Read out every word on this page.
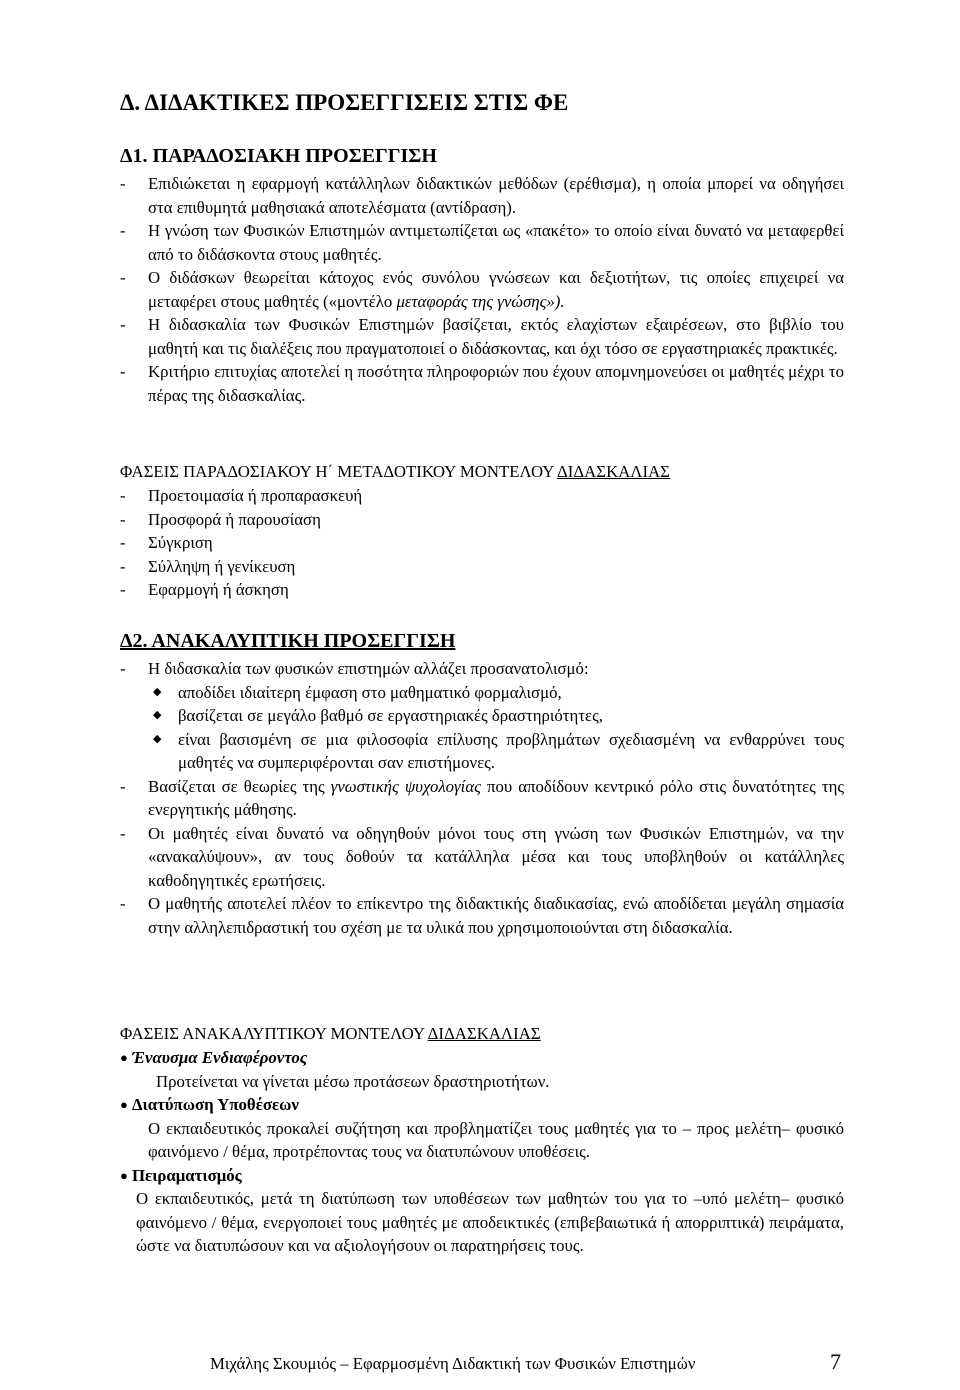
Δ. ΔΙΔΑΚΤΙΚΕΣ ΠΡΟΣΕΓΓΙΣΕΙΣ ΣΤΙΣ ΦΕ
Δ1. ΠΑΡΑΔΟΣΙΑΚΗ ΠΡΟΣΕΓΓΙΣΗ
- Επιδιώκεται η εφαρμογή κατάλληλων διδακτικών μεθόδων (ερέθισμα), η οποία μπορεί να οδηγήσει στα επιθυμητά μαθησιακά αποτελέσματα (αντίδραση).
- Η γνώση των Φυσικών Επιστημών αντιμετωπίζεται ως «πακέτο» το οποίο είναι δυνατό να μεταφερθεί από το διδάσκοντα στους μαθητές.
- Ο διδάσκων θεωρείται κάτοχος ενός συνόλου γνώσεων και δεξιοτήτων, τις οποίες επιχειρεί να μεταφέρει στους μαθητές («μοντέλο μεταφοράς της γνώσης»).
- Η διδασκαλία των Φυσικών Επιστημών βασίζεται, εκτός ελαχίστων εξαιρέσεων, στο βιβλίο του μαθητή και τις διαλέξεις που πραγματοποιεί ο διδάσκοντας, και όχι τόσο σε εργαστηριακές πρακτικές.
- Κριτήριο επιτυχίας αποτελεί η ποσότητα πληροφοριών που έχουν απομνημονεύσει οι μαθητές μέχρι το πέρας της διδασκαλίας.
ΦΑΣΕΙΣ ΠΑΡΑΔΟΣΙΑΚΟΥ Η΄ ΜΕΤΑΔΟΤΙΚΟΥ ΜΟΝΤΕΛΟΥ ΔΙΔΑΣΚΑΛΙΑΣ
- Προετοιμασία ή προπαρασκευή
- Προσφορά ή παρουσίαση
- Σύγκριση
- Σύλληψη ή γενίκευση
- Εφαρμογή ή άσκηση
Δ2. ΑΝΑΚΑΛΥΠΤΙΚΗ ΠΡΟΣΕΓΓΙΣΗ
- Η διδασκαλία των φυσικών επιστημών αλλάζει προσανατολισμό:
◆ αποδίδει ιδιαίτερη έμφαση στο μαθηματικό φορμαλισμό,
◆ βασίζεται σε μεγάλο βαθμό σε εργαστηριακές δραστηριότητες,
◆ είναι βασισμένη σε μια φιλοσοφία επίλυσης προβλημάτων σχεδιασμένη να ενθαρρύνει τους μαθητές να συμπεριφέρονται σαν επιστήμονες.
- Βασίζεται σε θεωρίες της γνωστικής ψυχολογίας που αποδίδουν κεντρικό ρόλο στις δυνατότητες της ενεργητικής μάθησης.
- Οι μαθητές είναι δυνατό να οδηγηθούν μόνοι τους στη γνώση των Φυσικών Επιστημών, να την «ανακαλύψουν», αν τους δοθούν τα κατάλληλα μέσα και τους υποβληθούν οι κατάλληλες καθοδηγητικές ερωτήσεις.
- Ο μαθητής αποτελεί πλέον το επίκεντρο της διδακτικής διαδικασίας, ενώ αποδίδεται μεγάλη σημασία στην αλληλεπιδραστική του σχέση με τα υλικά που χρησιμοποιούνται στη διδασκαλία.
ΦΑΣΕΙΣ ΑΝΑΚΑΛΥΠΤΙΚΟΥ ΜΟΝΤΕΛΟΥ ΔΙΔΑΣΚΑΛΙΑΣ
● Έναυσμα Ενδιαφέροντος
Προτείνεται να γίνεται μέσω προτάσεων δραστηριοτήτων.
● Διατύπωση Υποθέσεων
Ο εκπαιδευτικός προκαλεί συζήτηση και προβληματίζει τους μαθητές για το – προς μελέτη– φυσικό φαινόμενο / θέμα, προτρέποντας τους να διατυπώνουν υποθέσεις.
● Πειραματισμός
Ο εκπαιδευτικός, μετά τη διατύπωση των υποθέσεων των μαθητών του για το –υπό μελέτη– φυσικό φαινόμενο / θέμα, ενεργοποιεί τους μαθητές με αποδεικτικές (επιβεβαιωτικά ή απορριπτικά) πειράματα, ώστε να διατυπώσουν και να αξιολογήσουν οι παρατηρήσεις τους.
Μιχάλης Σκουμιός – Εφαρμοσμένη Διδακτική των Φυσικών Επιστημών	7
